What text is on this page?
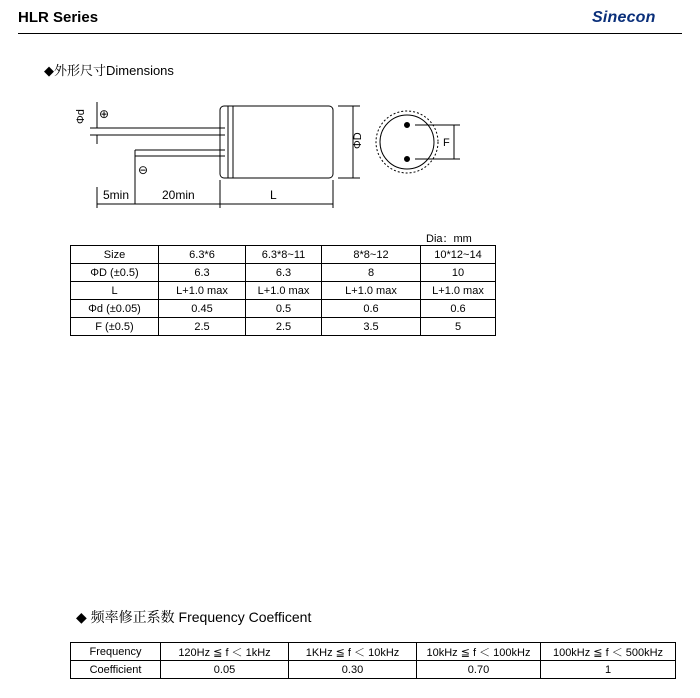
HLR Series	Sinecon
◆外形尺寸Dimensions
Φd ⊕
⊖
5min	20min	L
ΦD	F
Dia：mm
Size	6.3*6	6.3*8~11	8*8~12	10*12~14
ΦD (±0.5)	6.3	6.3	8	10
L	L+1.0 max	L+1.0 max	L+1.0 max	L+1.0 max
Φd (±0.05)	0.45	0.5	0.6	0.6
F (±0.5)	2.5	2.5	3.5	5
◆ 频率修正系数 Frequency Coefficent
Frequency	120Hz ≦ f ＜ 1kHz	1KHz ≦ f ＜ 10kHz	10kHz ≦ f ＜ 100kHz	100kHz ≦ f ＜ 500kHz
Coefficient	0.05	0.30	0.70	1
